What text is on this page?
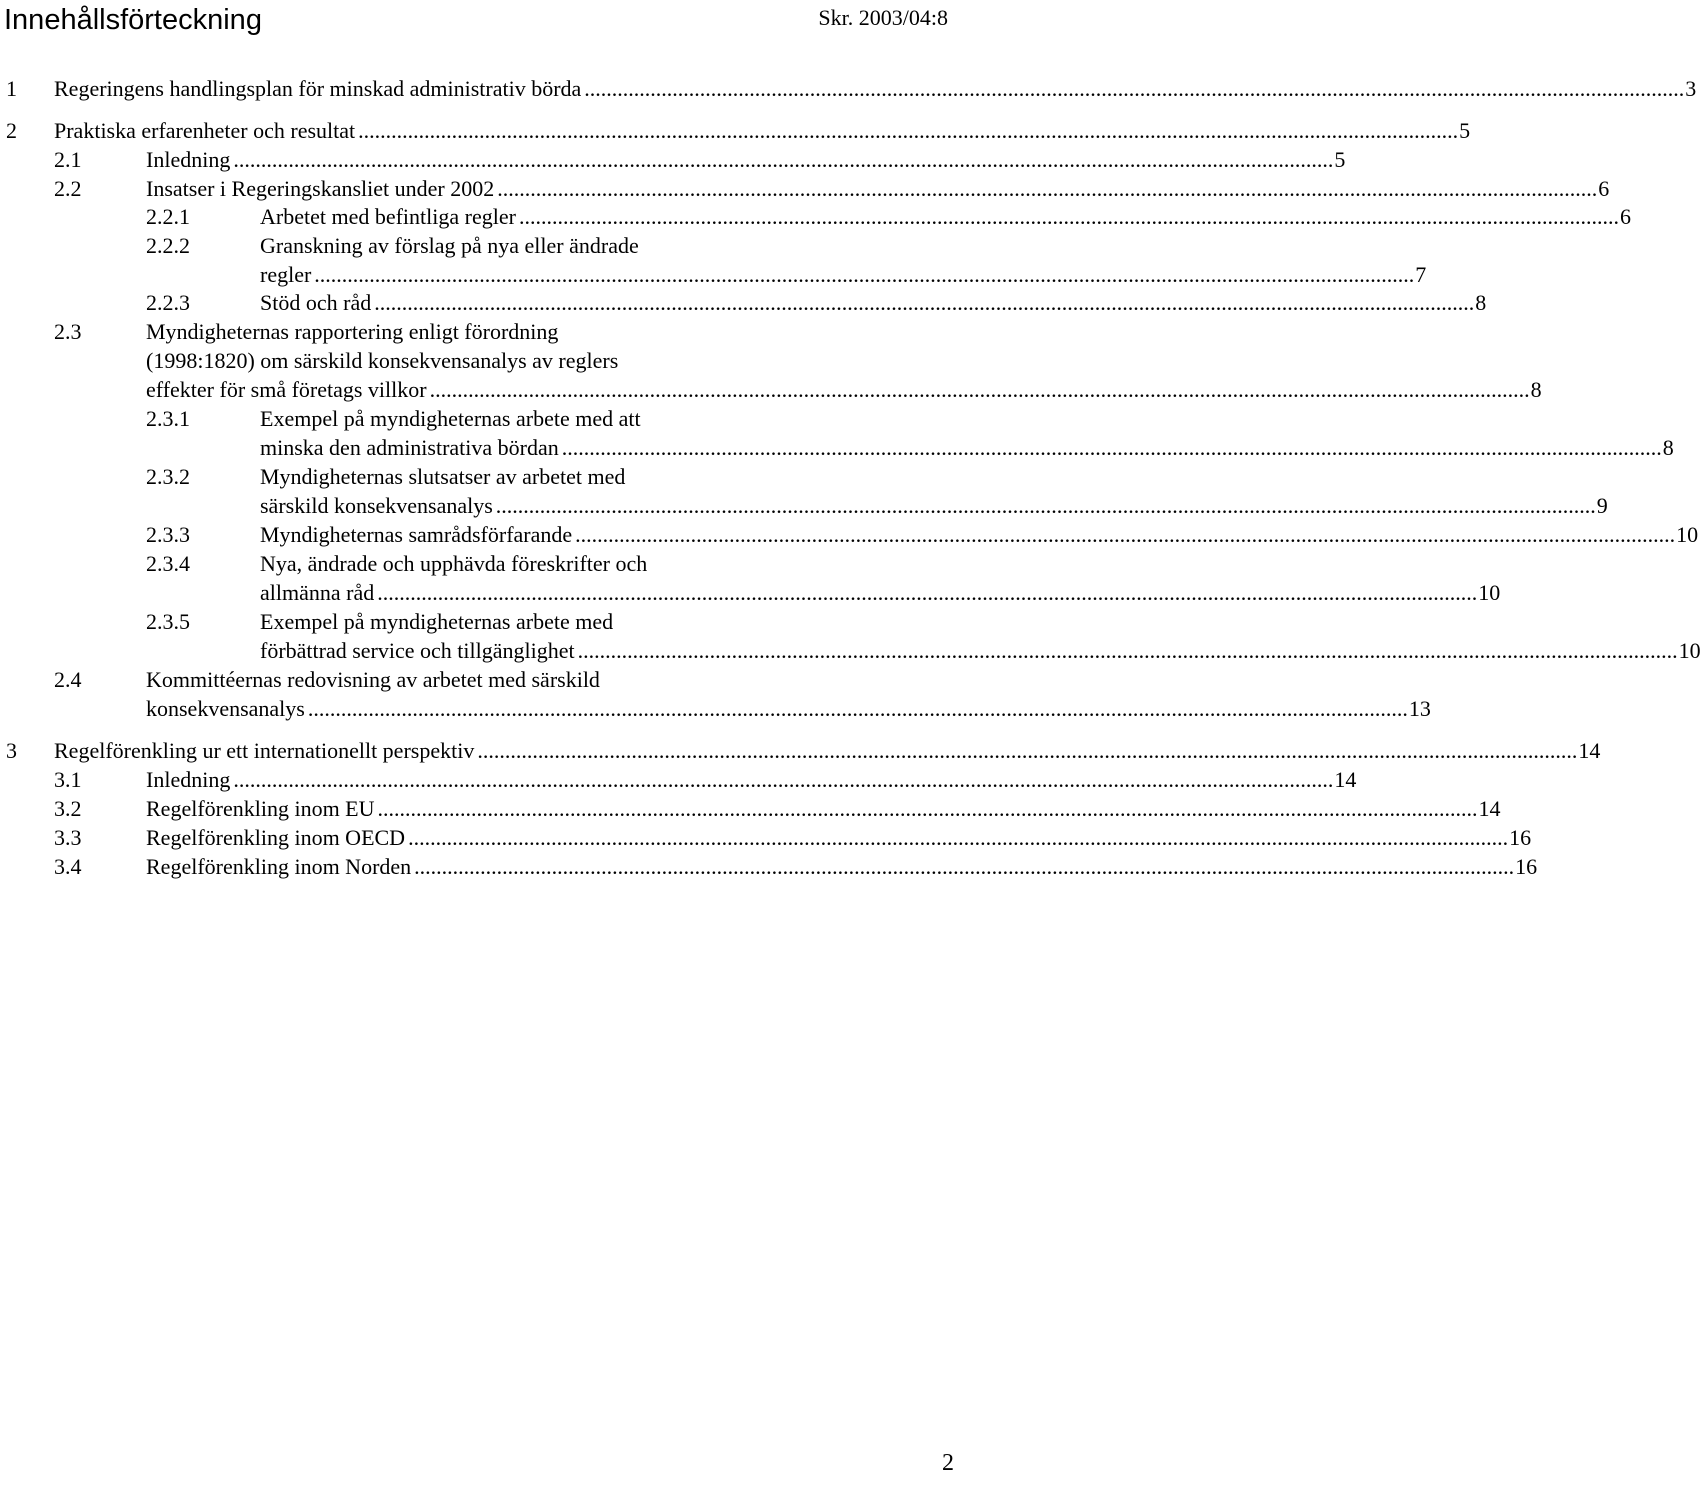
Innehållsförteckning	Skr. 2003/04:8
1 Regeringens handlingsplan för minskad administrativ börda ........................................................................................................................................................................................................ 3
2 Praktiska erfarenheter och resultat ........................................................................................................................................................................................................ 5
2.1	Inledning ........................................................................................................................................................................................................ 5
2.2	Insatser i Regeringskansliet under 2002 ........................................................................................................................................................................................................ 6
2.2.1	Arbetet med befintliga regler ........................................................................................................................................................................................................ 6
2.2.2	Granskning av förslag på nya eller ändrade
regler ........................................................................................................................................................................................................ 7
2.2.3	Stöd och råd ........................................................................................................................................................................................................ 8
2.3	Myndigheternas rapportering enligt förordning
(1998:1820) om särskild konsekvensanalys av reglers
effekter för små företags villkor ........................................................................................................................................................................................................ 8
2.3.1	Exempel på myndigheternas arbete med att
minska den administrativa bördan ........................................................................................................................................................................................................ 8
2.3.2	Myndigheternas slutsatser av arbetet med
särskild konsekvensanalys ........................................................................................................................................................................................................ 9
2.3.3	Myndigheternas samrådsförfarande ........................................................................................................................................................................................................ 10
2.3.4	Nya, ändrade och upphävda föreskrifter och
allmänna råd ........................................................................................................................................................................................................ 10
2.3.5	Exempel på myndigheternas arbete med
förbättrad service och tillgänglighet ........................................................................................................................................................................................................ 10
2.4	Kommittéernas redovisning av arbetet med särskild
konsekvensanalys ........................................................................................................................................................................................................ 13
3 Regelförenkling ur ett internationellt perspektiv ........................................................................................................................................................................................................ 14
3.1	Inledning ........................................................................................................................................................................................................ 14
3.2	Regelförenkling inom EU ........................................................................................................................................................................................................ 14
3.3	Regelförenkling inom OECD ........................................................................................................................................................................................................ 16
3.4	Regelförenkling inom Norden ........................................................................................................................................................................................................ 16
2
